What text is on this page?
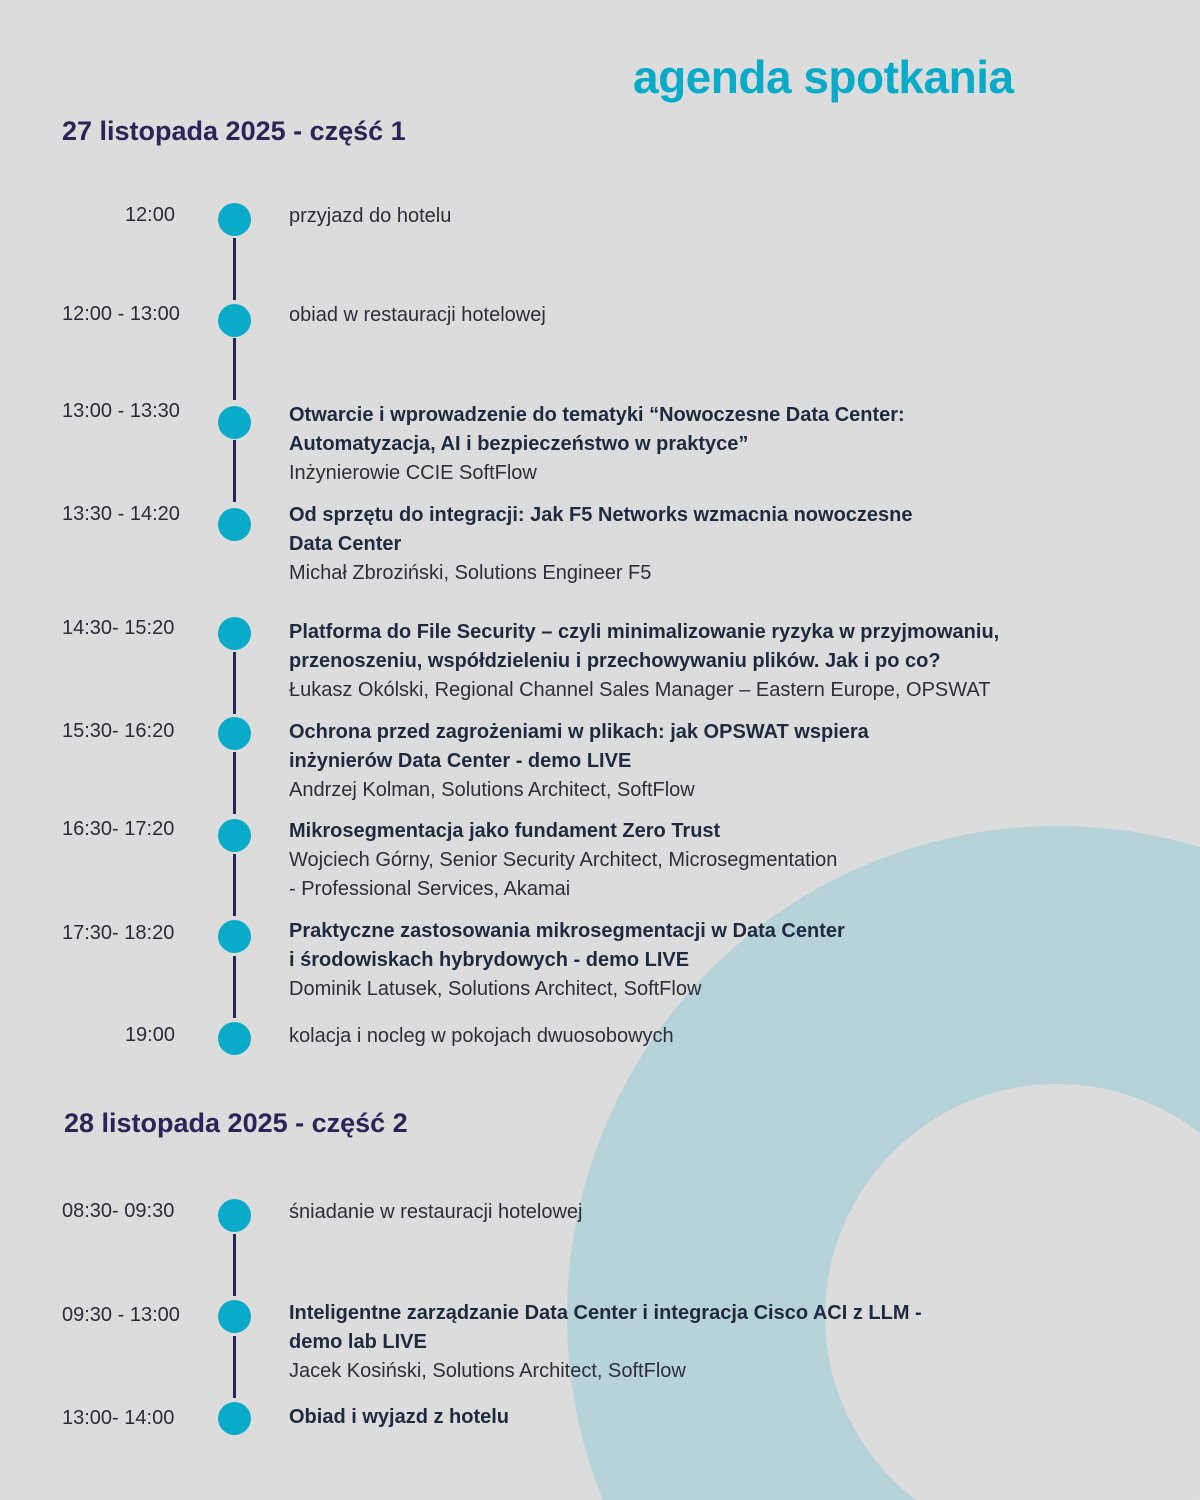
agenda spotkania
27 listopada 2025 - część 1
12:00	przyjazd do hotelu
12:00 - 13:00	obiad w restauracji hotelowej
13:00 - 13:30	Otwarcie i wprowadzenie do tematyki “Nowoczesne Data Center:
Automatyzacja, AI i bezpieczeństwo w praktyce”
Inżynierowie CCIE SoftFlow
13:30 - 14:20	Od sprzętu do integracji: Jak F5 Networks wzmacnia nowoczesne
Data Center
Michał Zbroziński, Solutions Engineer F5
14:30- 15:20	Platforma do File Security – czyli minimalizowanie ryzyka w przyjmowaniu,
przenoszeniu, współdzieleniu i przechowywaniu plików. Jak i po co?
Łukasz Okólski, Regional Channel Sales Manager – Eastern Europe, OPSWAT
15:30- 16:20	Ochrona przed zagrożeniami w plikach: jak OPSWAT wspiera
inżynierów Data Center - demo LIVE
Andrzej Kolman, Solutions Architect, SoftFlow
16:30- 17:20	Mikrosegmentacja jako fundament Zero Trust
Wojciech Górny, Senior Security Architect, Microsegmentation
- Professional Services, Akamai
17:30- 18:20	Praktyczne zastosowania mikrosegmentacji w Data Center
i środowiskach hybrydowych - demo LIVE
Dominik Latusek, Solutions Architect, SoftFlow
19:00	kolacja i nocleg w pokojach dwuosobowych
28 listopada 2025 - część 2
08:30- 09:30	śniadanie w restauracji hotelowej
09:30 - 13:00	Inteligentne zarządzanie Data Center i integracja Cisco ACI z LLM -
demo lab LIVE
Jacek Kosiński, Solutions Architect, SoftFlow
13:00- 14:00	Obiad i wyjazd z hotelu
